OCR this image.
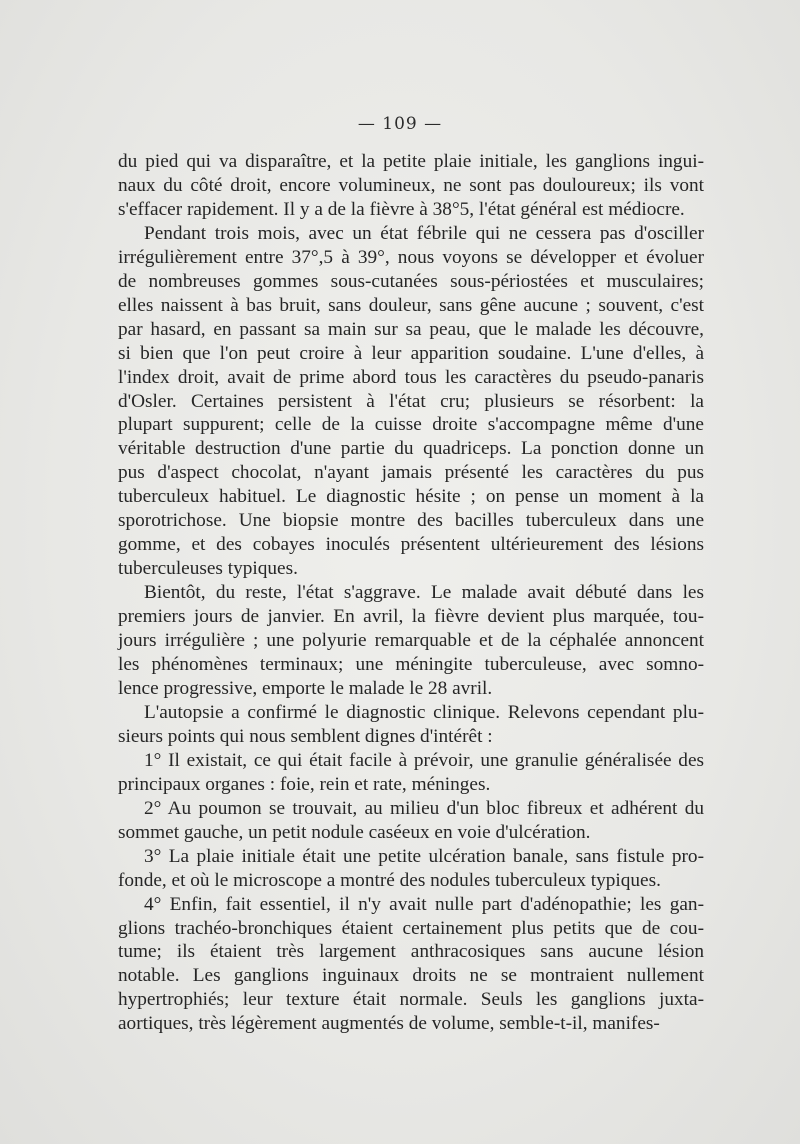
— 109 —
du pied qui va disparaître, et la petite plaie initiale, les ganglions ingui-
naux du côté droit, encore volumineux, ne sont pas douloureux; ils vont
s'effacer rapidement. Il y a de la fièvre à 38°5, l'état général est médiocre.
Pendant trois mois, avec un état fébrile qui ne cessera pas d'osciller
irrégulièrement entre 37°,5 à 39°, nous voyons se développer et évoluer
de nombreuses gommes sous-cutanées sous-périostées et musculaires;
elles naissent à bas bruit, sans douleur, sans gêne aucune ; souvent, c'est
par hasard, en passant sa main sur sa peau, que le malade les découvre,
si bien que l'on peut croire à leur apparition soudaine. L'une d'elles, à
l'index droit, avait de prime abord tous les caractères du pseudo-panaris
d'Osler. Certaines persistent à l'état cru; plusieurs se résorbent: la
plupart suppurent; celle de la cuisse droite s'accompagne même d'une
véritable destruction d'une partie du quadriceps. La ponction donne un
pus d'aspect chocolat, n'ayant jamais présenté les caractères du pus
tuberculeux habituel. Le diagnostic hésite ; on pense un moment à la
sporotrichose. Une biopsie montre des bacilles tuberculeux dans une
gomme, et des cobayes inoculés présentent ultérieurement des lésions
tuberculeuses typiques.
Bientôt, du reste, l'état s'aggrave. Le malade avait débuté dans les
premiers jours de janvier. En avril, la fièvre devient plus marquée, tou-
jours irrégulière ; une polyurie remarquable et de la céphalée annoncent
les phénomènes terminaux; une méningite tuberculeuse, avec somno-
lence progressive, emporte le malade le 28 avril.
L'autopsie a confirmé le diagnostic clinique. Relevons cependant plu-
sieurs points qui nous semblent dignes d'intérêt :
1° Il existait, ce qui était facile à prévoir, une granulie généralisée des
principaux organes : foie, rein et rate, méninges.
2° Au poumon se trouvait, au milieu d'un bloc fibreux et adhérent du
sommet gauche, un petit nodule caséeux en voie d'ulcération.
3° La plaie initiale était une petite ulcération banale, sans fistule pro-
fonde, et où le microscope a montré des nodules tuberculeux typiques.
4° Enfin, fait essentiel, il n'y avait nulle part d'adénopathie; les gan-
glions trachéo-bronchiques étaient certainement plus petits que de cou-
tume; ils étaient très largement anthracosiques sans aucune lésion
notable. Les ganglions inguinaux droits ne se montraient nullement
hypertrophiés; leur texture était normale. Seuls les ganglions juxta-
aortiques, très légèrement augmentés de volume, semble-t-il, manifes-
